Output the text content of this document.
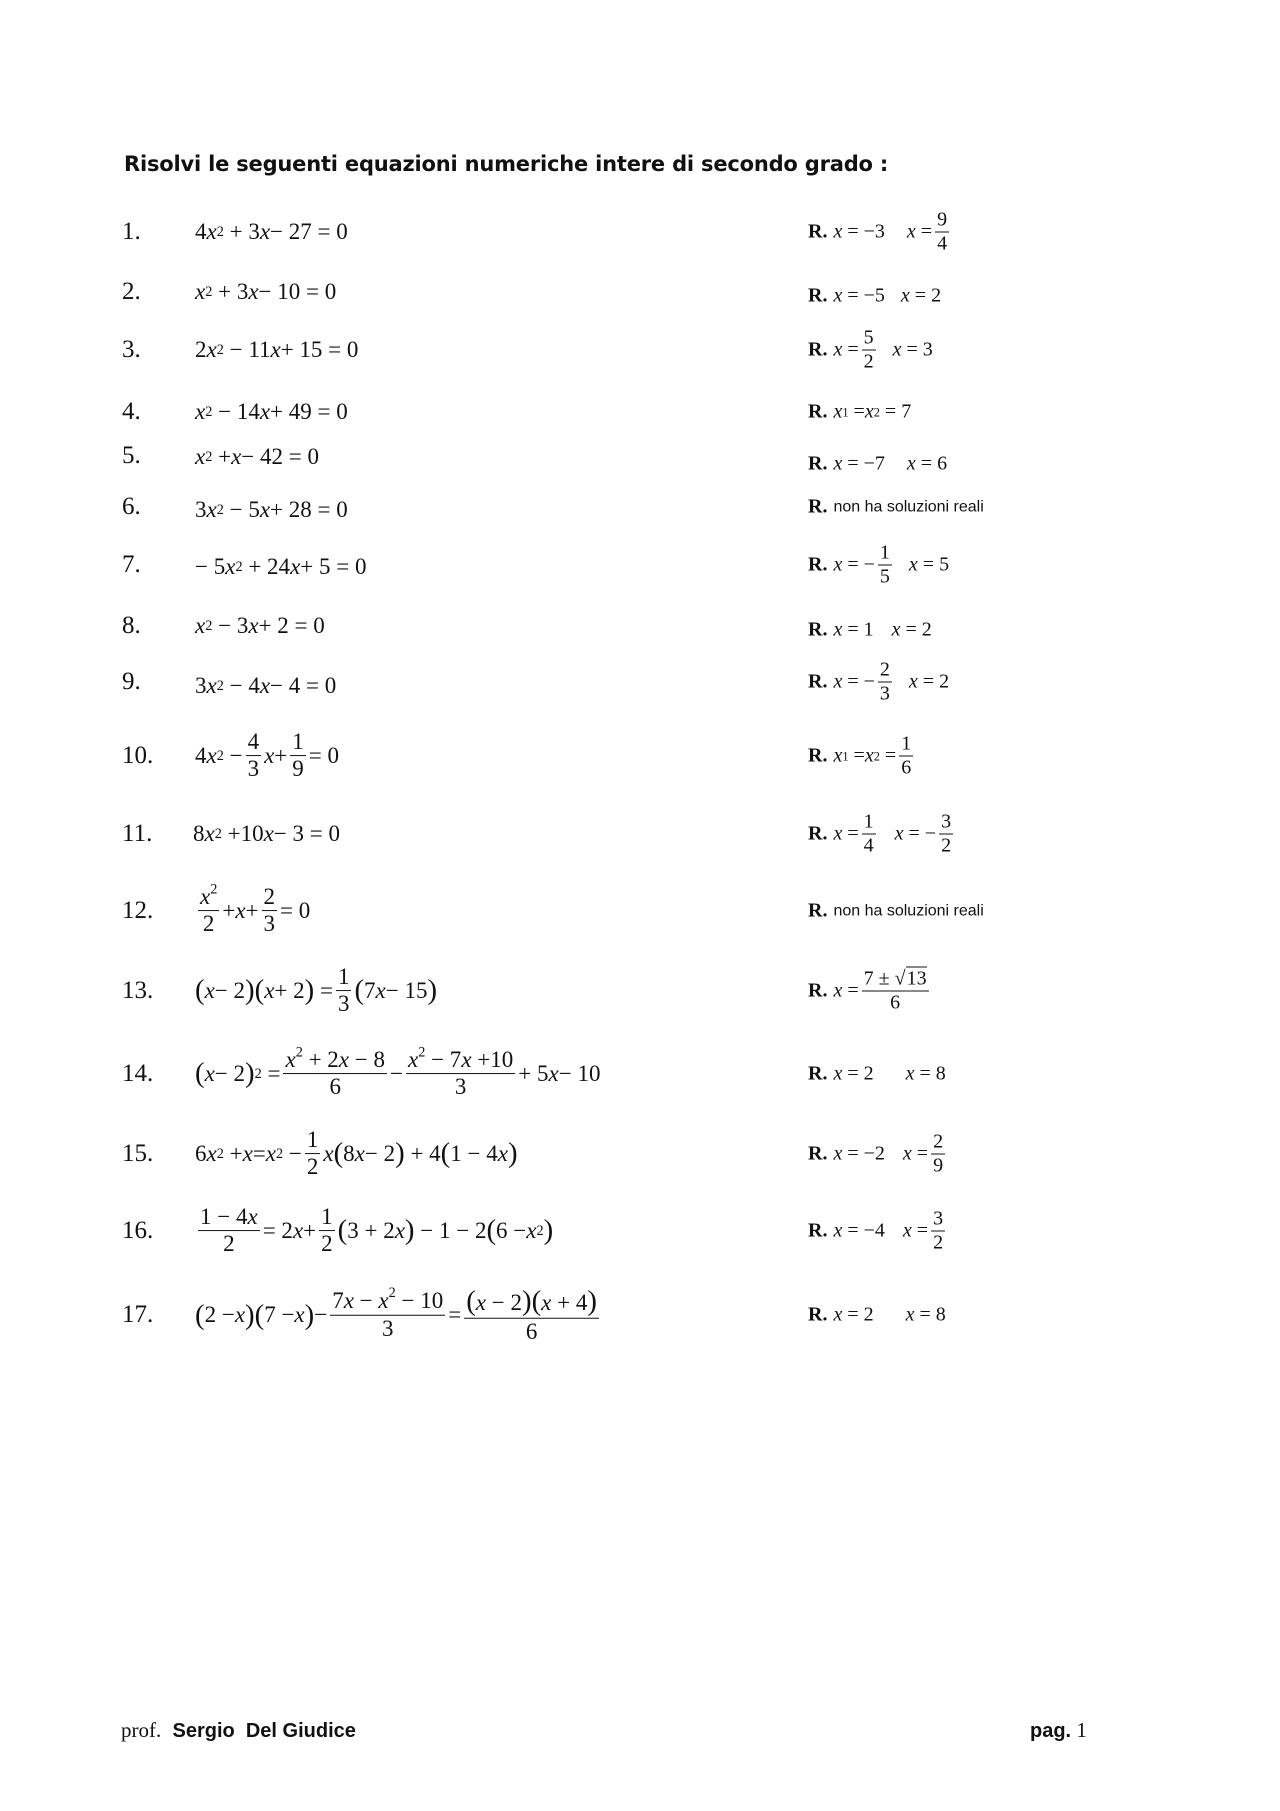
Risolvi le seguenti equazioni numeriche intere di secondo grado :
1. 4 x 2 + 3 x − 27 = 0	R. x = −3 $x = \frac{9}{4}$
2. x 2 + 3 x − 10 = 0	R. x = −5 x = 2
3. 2 x 2 − 11 x + 15 = 0	R. $x = \frac{5}{2}$ x = 3
4. x 2 − 14 x + 49 = 0	R. x 1 = x 2 = 7
5. x 2 + x − 42 = 0	R. x = −7 x = 6
6. 3 x 2 − 5 x + 28 = 0	R. non ha soluzioni reali
7. − 5 x 2 + 24 x + 5 = 0	R. x = − $\frac{1}{5}$ x = 5
8. x 2 − 3 x + 2 = 0	R. x = 1 x = 2
9. 3 x 2 − 4 x − 4 = 0	R. x = − $\frac{2}{3}$ x = 2
10. 4 x $2 - \frac{4}{3}$ $x + \frac{1}{9} = 0$	R. x 1 = x $2 = \frac{1}{6}$
11. 8 x 2 +10 x − 3 = 0	R. $x = \frac{1}{4}$ x = − $\frac{3}{2}$
12. $\frac{x^2}{2} + x + \frac{2}{3} = 0$	R. non ha soluzioni reali
13. ( x − 2 )( x + 2 ) = $\frac{1}{3}$ ( 7 x − 15 )	R. $x = \frac{7 \pm √13}{6}$
14. ( x − 2 ) $2 = \frac{x^2 + 2x - 8}{6} - \frac{x^2 - 7x +10}{3} + 5$ x − 10	R. x = 2 x = 8
15. 6 x 2 + x = x $2 - \frac{1}{2}$ x ( 8 x − 2 ) + 4 ( 1 − 4 x )	R. x = −2 $x = \frac{2}{9}$
16. $\frac{1 - 4x}{2} = 2$ $x + \frac{1}{2}$ ( 3 + 2 x ) − 1 − 2 ( 6 − x 2 )	R. x = −4 $x = \frac{3}{2}$
17. ( 2 − x )( 7 − x ) − $\frac{7x - x^2 - 10}{3} = \frac{(x - 2)(x + 4)}{6}$	R. x = 2 x = 8
prof. Sergio  Del Giudice	pag. 1
